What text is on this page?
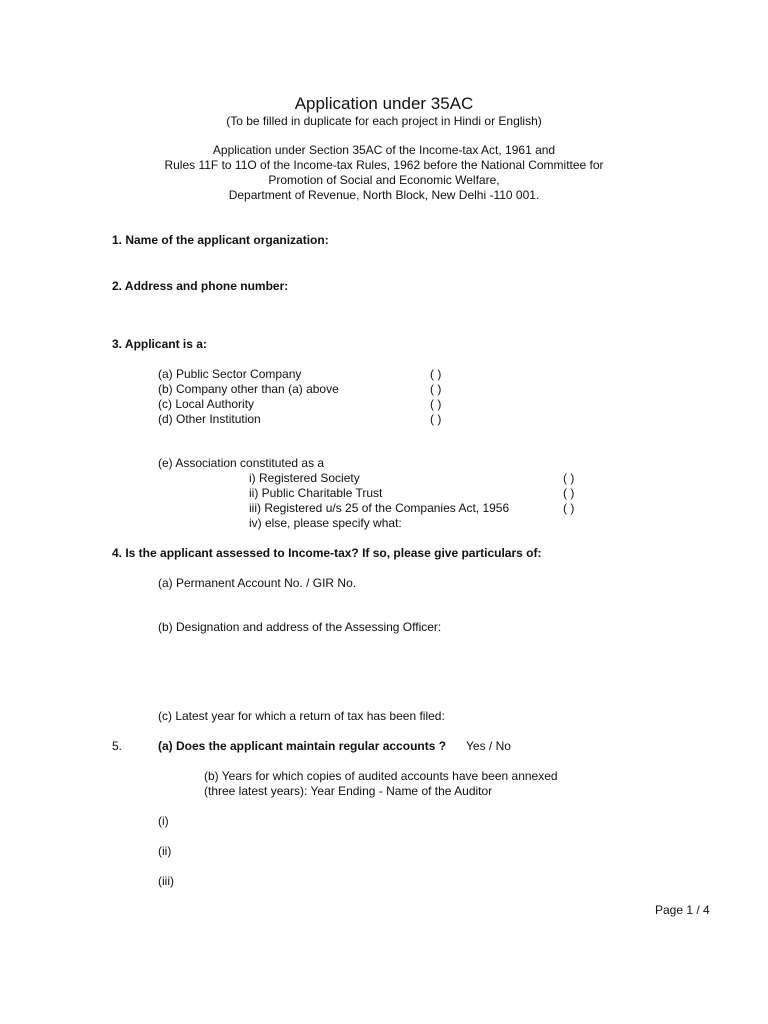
Application under 35AC
(To be filled in duplicate for each project in Hindi or English)
Application under Section 35AC of the Income-tax Act, 1961 and
Rules 11F to 11O of the Income-tax Rules, 1962 before the National Committee for
Promotion of Social and Economic Welfare,
Department of Revenue, North Block, New Delhi -110 001.
1. Name of the applicant organization:
2. Address and phone number:
3. Applicant is a:
(a) Public Sector Company	( )
(b) Company other than (a) above	( )
(c) Local Authority	( )
(d) Other Institution	( )
(e) Association constituted as a
i) Registered Society	( )
ii) Public Charitable Trust	( )
iii) Registered u/s 25 of the Companies Act, 1956	( )
iv) else, please specify what:
4. Is the applicant assessed to Income-tax? If so, please give particulars of:
(a) Permanent Account No. / GIR No.
(b) Designation and address of the Assessing Officer:
(c) Latest year for which a return of tax has been filed:
5.	(a) Does the applicant maintain regular accounts ? Yes / No
(b) Years for which copies of audited accounts have been annexed
(three latest years): Year Ending - Name of the Auditor
(i)
(ii)
(iii)
Page 1 / 4
